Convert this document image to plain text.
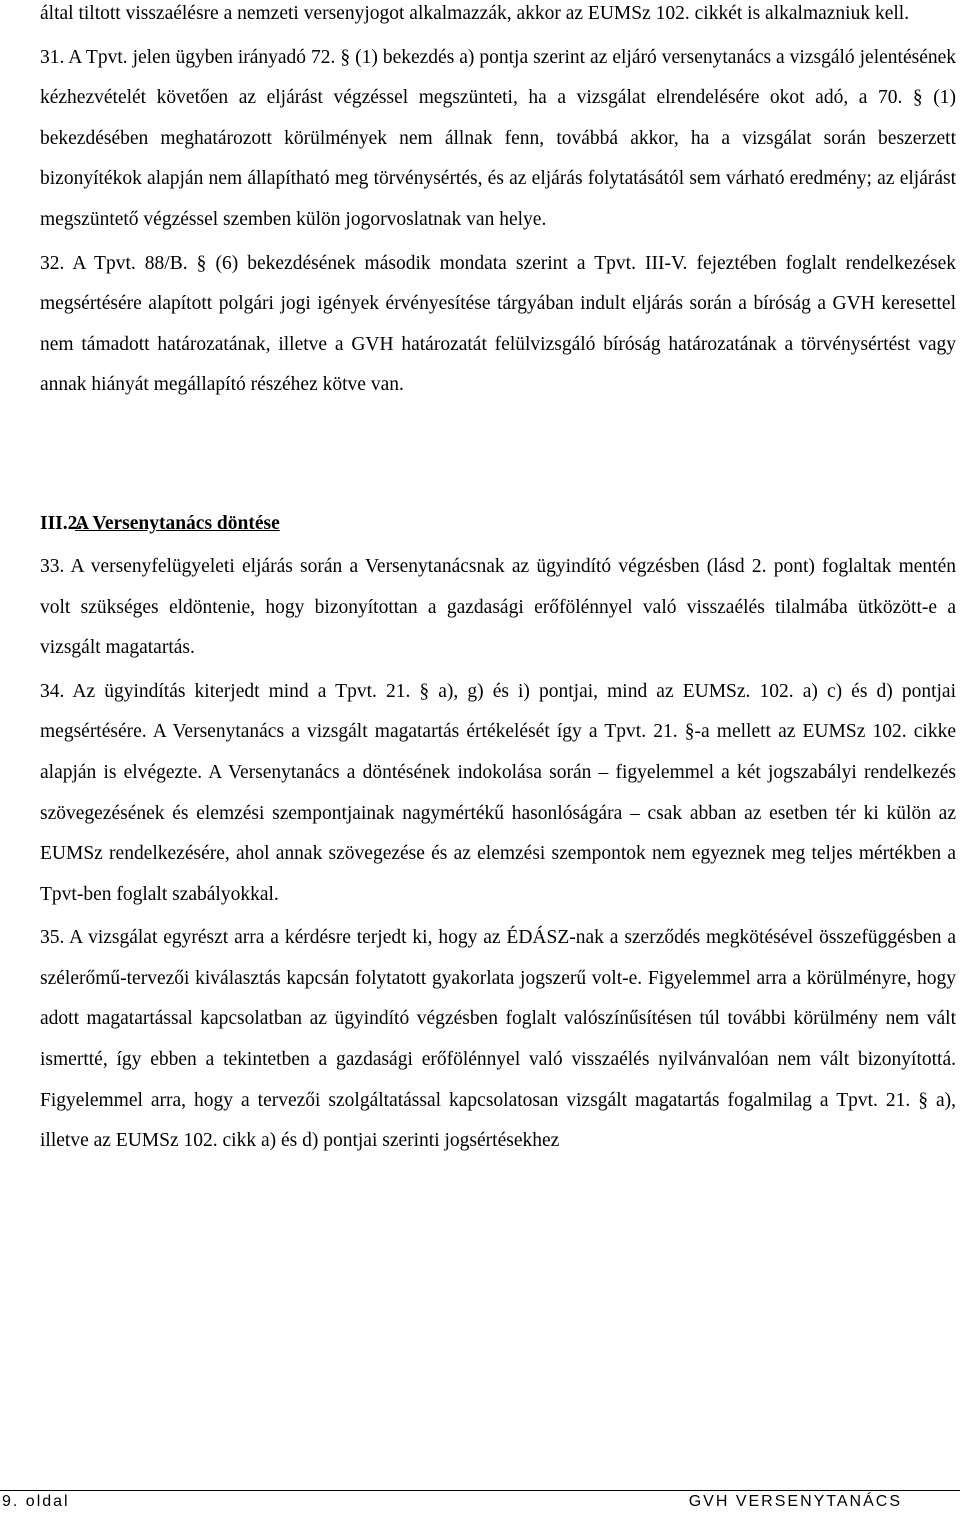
által tiltott visszaélésre a nemzeti versenyjogot alkalmazzák, akkor az EUMSz 102. cikkét is alkalmazniuk kell.

31. A Tpvt. jelen ügyben irányadó 72. § (1) bekezdés a) pontja szerint az eljáró versenytanács a vizsgáló jelentésének kézhezvételét követően az eljárást végzéssel megszünteti, ha a vizsgálat elrendelésére okot adó, a 70. § (1) bekezdésében meghatározott körülmények nem állnak fenn, továbbá akkor, ha a vizsgálat során beszerzett bizonyítékok alapján nem állapítható meg törvénysértés, és az eljárás folytatásától sem várható eredmény; az eljárást megszüntető végzéssel szemben külön jogorvoslatnak van helye.

32. A Tpvt. 88/B. § (6) bekezdésének második mondata szerint a Tpvt. III-V. fejeztében foglalt rendelkezések megsértésére alapított polgári jogi igények érvényesítése tárgyában indult eljárás során a bíróság a GVH keresettel nem támadott határozatának, illetve a GVH határozatát felülvizsgáló bíróság határozatának a törvénysértést vagy annak hiányát megállapító részéhez kötve van.

III.2.
A Versenytanács döntése

33. A versenyfelügyeleti eljárás során a Versenytanácsnak az ügyindító végzésben (lásd 2. pont) foglaltak mentén volt szükséges eldöntenie, hogy bizonyítottan a gazdasági erőfölénnyel való visszaélés tilalmába ütközött-e a vizsgált magatartás.

34. Az ügyindítás kiterjedt mind a Tpvt. 21. § a), g) és i) pontjai, mind az EUMSz. 102. a) c) és d) pontjai megsértésére. A Versenytanács a vizsgált magatartás értékelését így a Tpvt. 21. §-a mellett az EUMSz 102. cikke alapján is elvégezte. A Versenytanács a döntésének indokolása során – figyelemmel a két jogszabályi rendelkezés szövegezésének és elemzési szempontjainak nagymértékű hasonlóságára – csak abban az esetben tér ki külön az EUMSz rendelkezésére, ahol annak szövegezése és az elemzési szempontok nem egyeznek meg teljes mértékben a Tpvt-ben foglalt szabályokkal.

35. A vizsgálat egyrészt arra a kérdésre terjedt ki, hogy az ÉDÁSZ-nak a szerződés megkötésével összefüggésben a szélerőmű-tervezői kiválasztás kapcsán folytatott gyakorlata jogszerű volt-e. Figyelemmel arra a körülményre, hogy adott magatartással kapcsolatban az ügyindító végzésben foglalt valószínűsítésen túl további körülmény nem vált ismertté, így ebben a tekintetben a gazdasági erőfölénnyel való visszaélés nyilvánvalóan nem vált bizonyítottá. Figyelemmel arra, hogy a tervezői szolgáltatással kapcsolatosan vizsgált magatartás fogalmilag a Tpvt. 21. § a), illetve az EUMSz 102. cikk a) és d) pontjai szerinti jogsértésekhez

9. oldal	GVH VERSENYTANÁCS
